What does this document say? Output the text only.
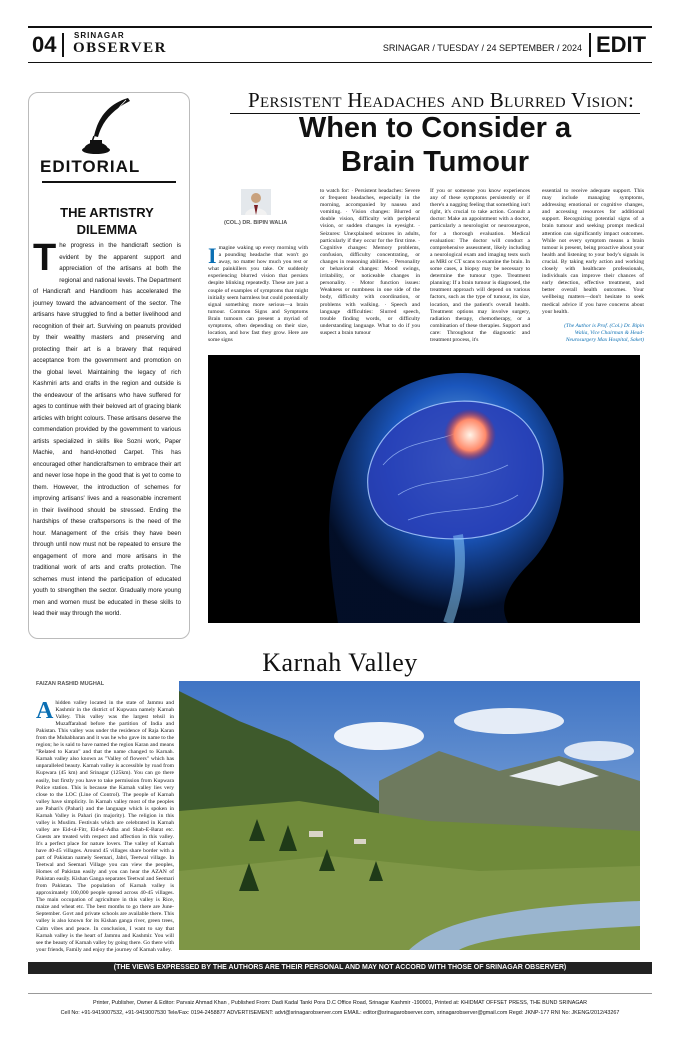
04 SRINAGAR
OBSERVER	SRINAGAR / TUESDAY / 24 SEPTEMBER / 2024 EDIT
EDITORIAL
THE ARTISTRY
DILEMMA

The progress in the handicraft section is evident by the apparent support and appreciation of the artisans at both the regional and national levels. The Department of Handicraft and Handloom has accelerated the journey toward the advancement of the sector. The artisans have struggled to find a better livelihood and recognition of their art. Surviving on peanuts provided by their wealthy masters and preserving and protecting their art is a bravery that required acceptance from the government and promotion on the global level. Maintaining the legacy of rich Kashmiri arts and crafts in the region and outside is the endeavour of the artisans who have suffered for ages to continue with their beloved art of gracing blank articles with bright colours. These artisans deserve the commendation provided by the government to various artists specialized in skills like Sozni work, Paper Machie, and hand-knotted Carpet. This has encouraged other handicraftsmen to embrace their art and never lose hope in the good that is yet to come to them. However, the introduction of schemes for improving artisans' lives and a reasonable increment in their livelihood should be stressed. Ending the hardships of these craftspersons is the need of the hour. Management of the crisis they have been through until now must not be repeated to ensure the engagement of more and more artisans in the traditional work of arts and crafts protection. The schemes must intend the participation of educated youth to strengthen the sector. Gradually more young men and women must be educated in these skills to lead their way through the world.

Persistent Headaches and Blurred Vision:
When to Consider a
Brain Tumour
(COL.) DR. BIPIN WALIA

Imagine waking up every morning with a pounding headache that won't go away, no matter how much you rest or what painkillers you take. Or suddenly experiencing blurred vision that persists despite blinking repeatedly. These are just a couple of examples of symptoms that might initially seem harmless but could potentially signal something more serious—a brain tumour. Common Signs and Symptoms Brain tumours can present a myriad of symptoms, often depending on their size, location, and how fast they grow. Here are some signs

to watch for: · Persistent headaches: Severe or frequent headaches, especially in the morning, accompanied by nausea and vomiting. · Vision changes: Blurred or double vision, difficulty with peripheral vision, or sudden changes in eyesight. · Seizures: Unexplained seizures in adults, particularly if they occur for the first time. · Cognitive changes: Memory problems, confusion, difficulty concentrating, or changes in reasoning abilities. · Personality or behavioral changes: Mood swings, irritability, or noticeable changes in personality. · Motor function issues: Weakness or numbness in one side of the body, difficulty with coordination, or problems with walking. · Speech and language difficulties: Slurred speech, trouble finding words, or difficulty understanding language. What to do if you suspect a brain tumour

If you or someone you know experiences any of these symptoms persistently or if there's a nagging feeling that something isn't right, it's crucial to take action. Consult a doctor: Make an appointment with a doctor, particularly a neurologist or neurosurgeon, for a thorough evaluation. Medical evaluation: The doctor will conduct a comprehensive assessment, likely including a neurological exam and imaging tests such as MRI or CT scans to examine the brain. In some cases, a biopsy may be necessary to determine the tumour type. Treatment planning: If a brain tumour is diagnosed, the treatment approach will depend on various factors, such as the type of tumour, its size, location, and the patient's overall health. Treatment options may involve surgery, radiation therapy, chemotherapy, or a combination of these therapies. Support and care: Throughout the diagnostic and treatment process, it's

essential to receive adequate support. This may include managing symptoms, addressing emotional or cognitive changes, and accessing resources for additional support. Recognizing potential signs of a brain tumour and seeking prompt medical attention can significantly impact outcomes. While not every symptom means a brain tumour is present, being proactive about your health and listening to your body's signals is crucial. By taking early action and working closely with healthcare professionals, individuals can improve their chances of early detection, effective treatment, and better overall health outcomes. Your wellbeing matters—don't hesitate to seek medical advice if you have concerns about your health.

(The Author is Prof. (Col.) Dr. Bipin Walia, Vice Chairman & Head- Neurosurgery Max Hospital, Saket)
Karnah Valley
FAIZAN RASHID MUGHAL

A hidden valley located in the state of Jammu and Kashmir in the district of Kupwara namely Karnah Valley. This valley was the largest tehsil in Muzaffarabad before the partition of India and Pakistan. This valley was under the residence of Raja Karan from the Muhabbaran and it was he who gave its name to the region; he is said to have named the region Karan and means "Related to Karan" and that the name changed to Karnah. Karnah valley also known as "Valley of flowers" which has unparalleled beauty. Karnah valley is accessible by road from Kupwara (45 km) and Srinagar (125km). You can go there easily, but firstly you have to take permission from Kupwara Police station. This is because the Karnah valley lies very close to the LOC (Line of Control). The people of Karnah valley have simplicity. In Karnah valley most of the peoples are Pahari's (Pahari) and the language which is spoken in Karnah Valley is Pahari (in majority). The religion in this valley is Muslim. Festivals which are celebrated in Karnah valley are Eid-ul-Fitr, Eid-ul-Adha and Shab-E-Barat etc. Guests are treated with respect and affection in this valley. It's a perfect place for nature lovers. The valley of Karnah have 40-45 villages. Around 45 villages share border with a part of Pakistan namely Seemari, Jabri, Teetwal village. In Teetwal and Seemari Village you can view the peoples, Homes of Pakistan easily and you can hear the AZAN of Pakistan easily. Kishan Ganga separates Teetwal and Seemari from Pakistan. The population of Karnah valley is approximately 100,000 people spread across 40-45 villages. The main occupation of agriculture in this valley is Rice, maize and wheat etc. The best months to go there are June-September. Govt and private schools are available there. This valley is also known for its Kishan ganga river, green trees, Calm vibes and peace. In conclusion, I want to say that Karnah valley is the heart of Jammu and Kashmir. You will see the beauty of Karnah valley by going there. Go there with your friends, Family and enjoy the journey of Karnah valley.

(THE VIEWS EXPRESSED BY THE AUTHORS ARE THEIR PERSONAL AND MAY NOT ACCORD WITH THOSE OF SRINAGAR OBSERVER)
Printer, Publisher, Owner & Editor: Parvaiz Ahmad Khan , Published From: Dadi Kadal Tanki Pora D.C Office Road, Srinagar Kashmir -190001, Printed at: KHIDMAT OFFSET PRESS, THE BUND SRINAGAR
Cell No: +91-9419007532, +91-9419007530 Tele/Fax: 0194-2458877 ADVERTISEMENT: advt@srinagarobserver.com EMAIL: editor@srinagarobserver.com, srinagarobserver@gmail.com Regd: JKNP-177 RNI No: JKENG/2012/43267
